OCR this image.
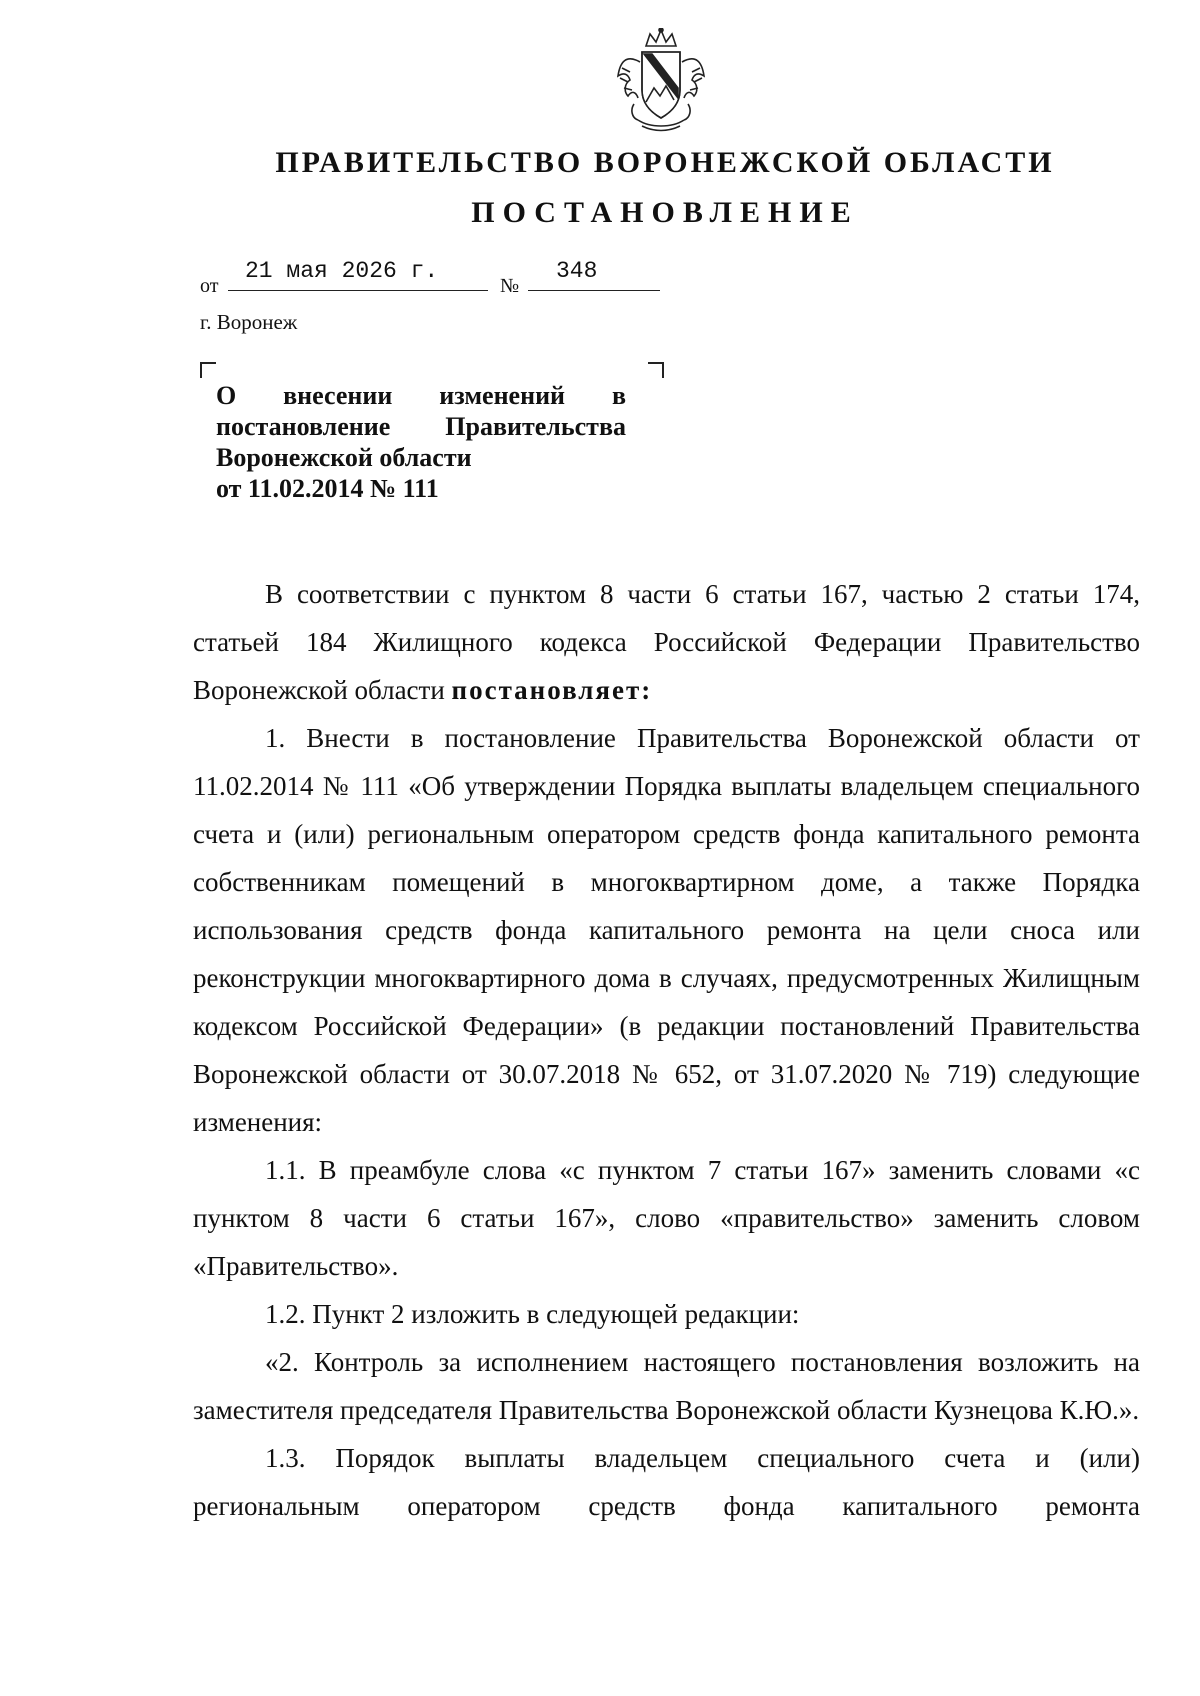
ПРАВИТЕЛЬСТВО ВОРОНЕЖСКОЙ ОБЛАСТИ
ПОСТАНОВЛЕНИЕ
от
21 мая 2026 г.
№
348
г. Воронеж
О внесении изменений в
постановление Правительства
Воронежской области
от 11.02.2014 № 111

В соответствии с пунктом 8 части 6 статьи 167, частью 2 статьи 174, статьей 184 Жилищного кодекса Российской Федерации Правительство Воронежской области постановляет:

1. Внести в постановление Правительства Воронежской области от 11.02.2014 № 111 «Об утверждении Порядка выплаты владельцем специального счета и (или) региональным оператором средств фонда капитального ремонта собственникам помещений в многоквартирном доме, а также Порядка использования средств фонда капитального ремонта на цели сноса или реконструкции многоквартирного дома в случаях, предусмотренных Жилищным кодексом Российской Федерации» (в редакции постановлений Правительства Воронежской области от 30.07.2018 № 652, от 31.07.2020 № 719) следующие изменения:

1.1. В преамбуле слова «с пунктом 7 статьи 167» заменить словами «с пунктом 8 части 6 статьи 167», слово «правительство» заменить словом «Правительство».

1.2. Пункт 2 изложить в следующей редакции:

«2. Контроль за исполнением настоящего постановления возложить на заместителя председателя Правительства Воронежской области Кузнецова К.Ю.».

1.3. Порядок выплаты владельцем специального счета и (или) региональным оператором средств фонда капитального ремонта
